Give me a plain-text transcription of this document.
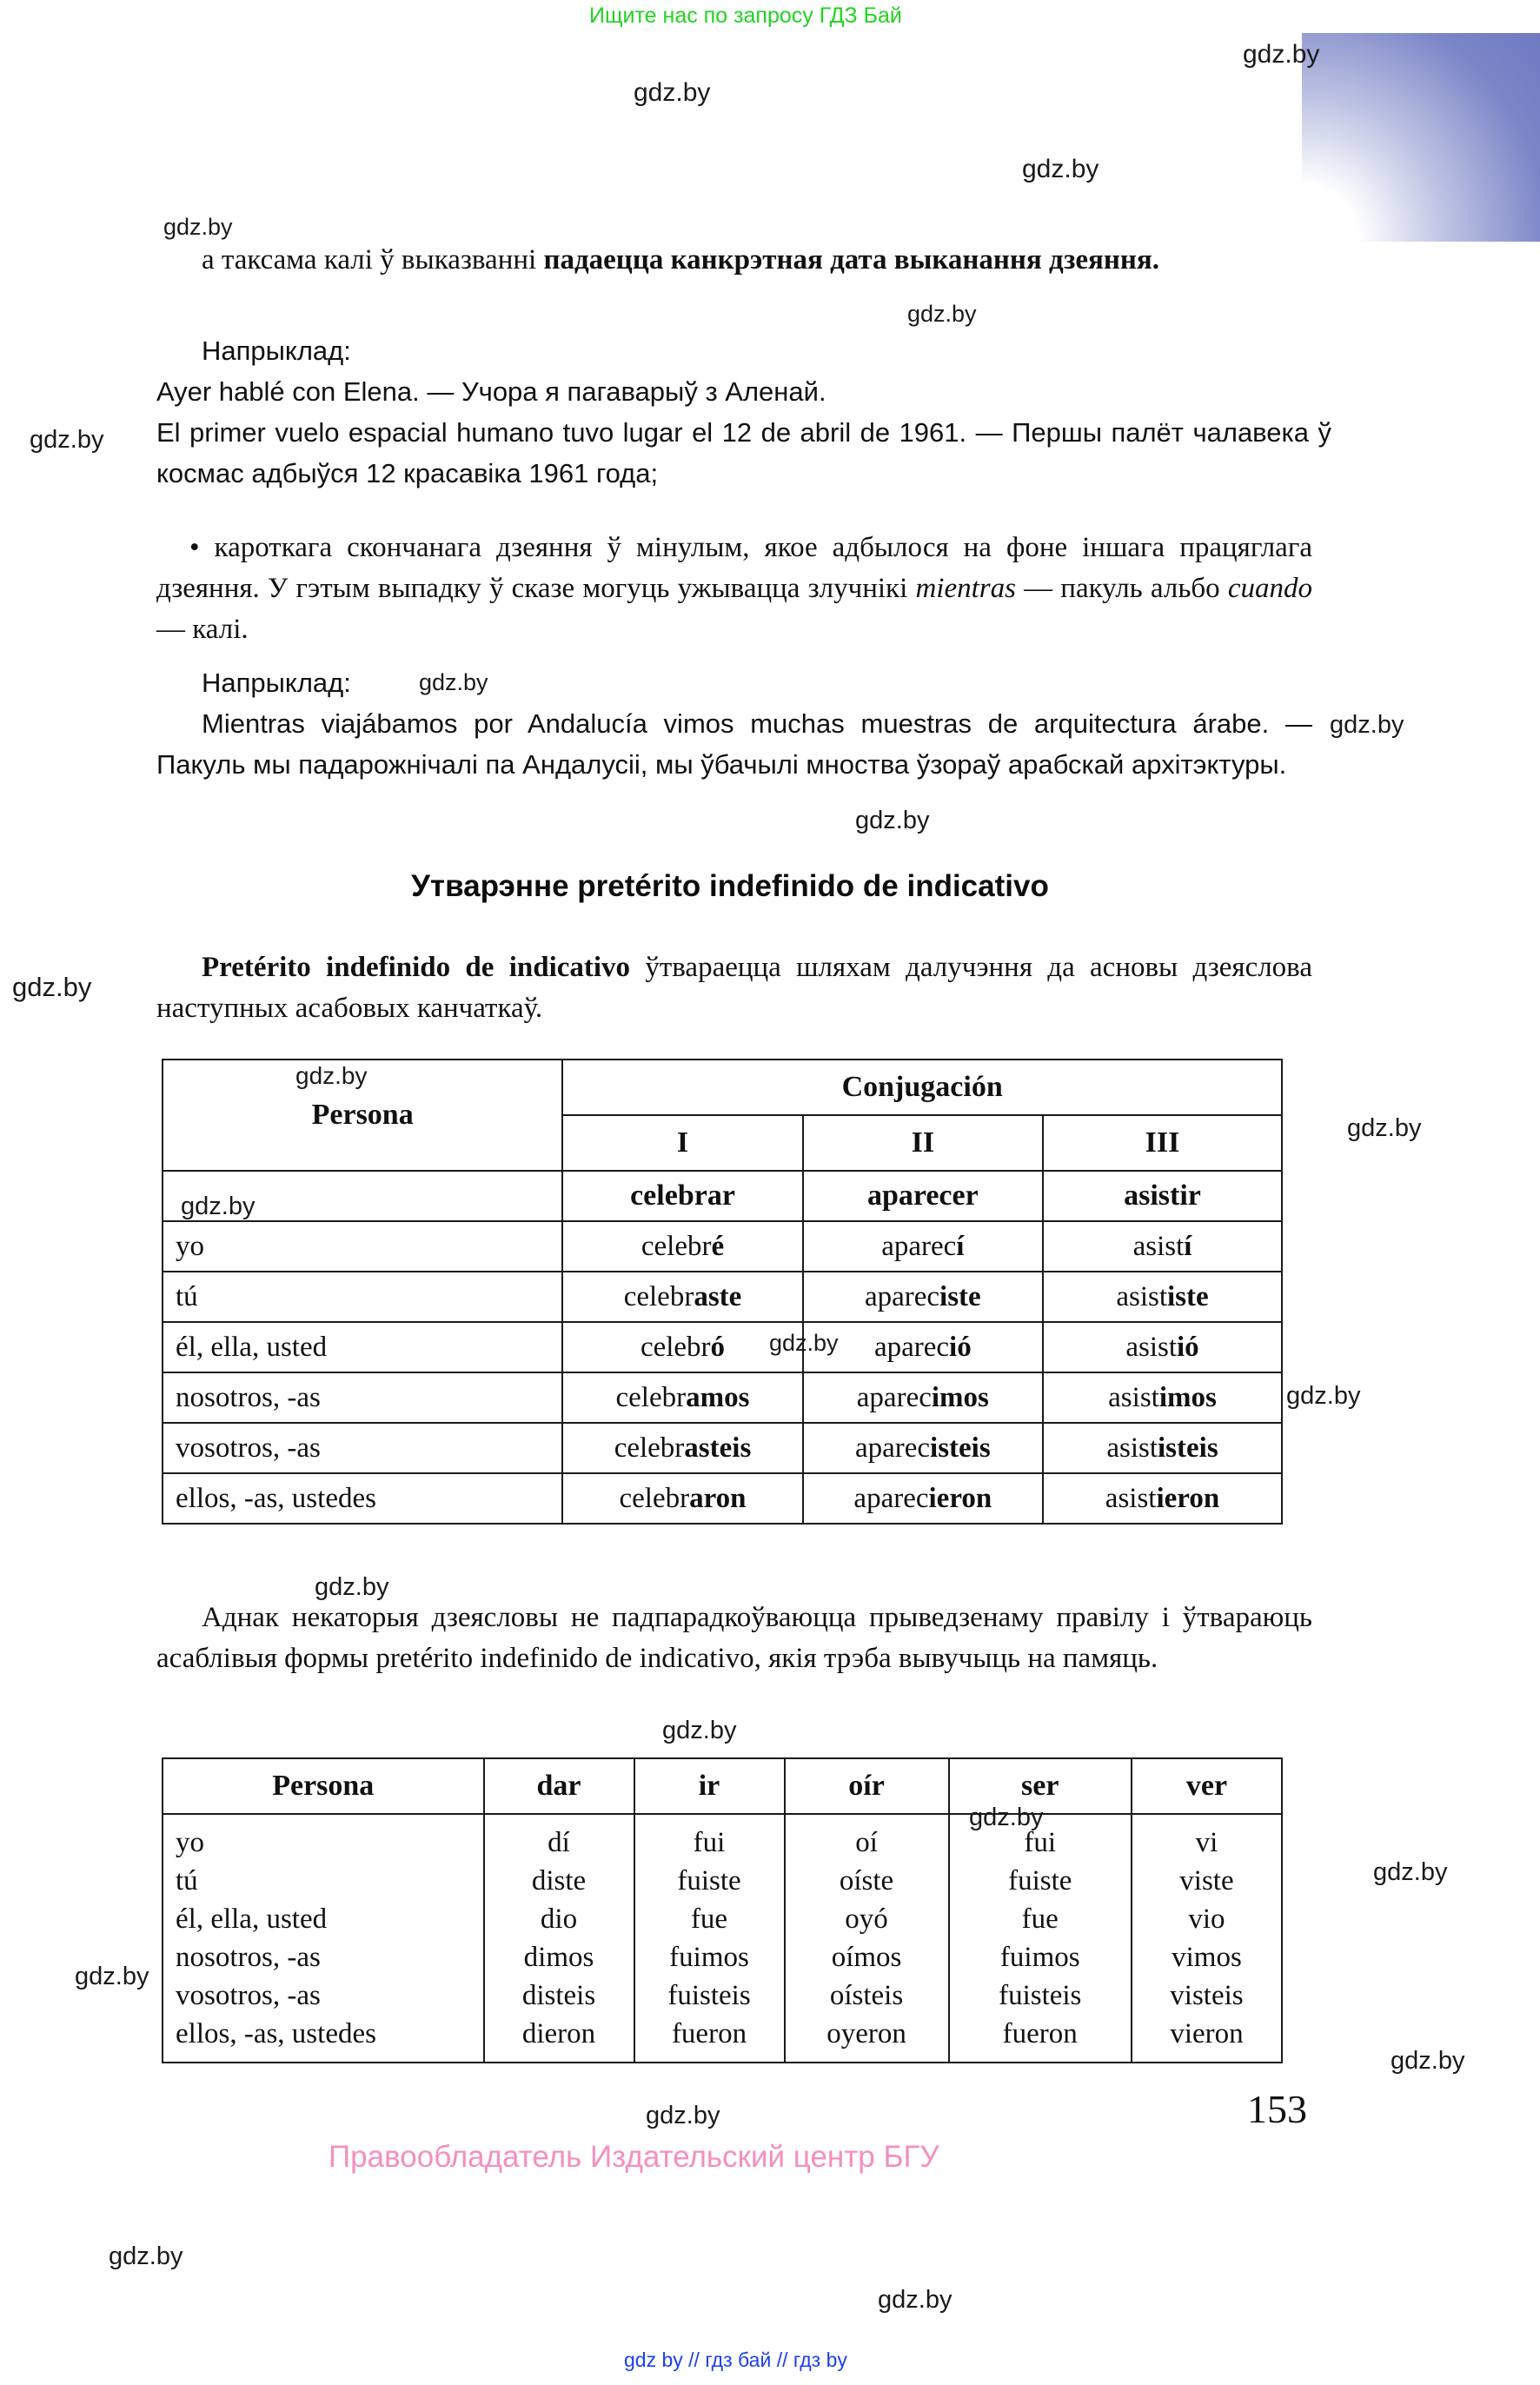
Ищите нас по запросу ГДЗ Бай
gdz.by
gdz.by
gdz.by
gdz.by
gdz.by
gdz.by
gdz.by
gdz.by
gdz.by
gdz.by
gdz.by
gdz.by
gdz.by
gdz.by
gdz.by
gdz.by
gdz.by
gdz.by
gdz.by
gdz.by
gdz.by
gdz.by
gdz.by
gdz.by

а таксама калі ў выказванні падаецца канкрэтная дата выканання дзеяння.

Напрыклад:

Ayer hablé con Elena. — Учора я пагаварыў з Аленай.

El primer vuelo espacial humano tuvo lugar el 12 de abril de 1961. — Першы палёт чалавека ў космас адбыўся 12 красавіка 1961 года;

• кароткага скончанага дзеяння ў мінулым, якое адбылося на фоне іншага працяглага дзеяння. У гэтым выпадку ў сказе могуць ужывацца злучнікі mientras — пакуль альбо cuando — калі.

Напрыклад:

Mientras viajábamos por Andalucía vimos muchas muestras de arquitectura árabe. — Пакуль мы падарожнічалі па Андалусіі, мы ўбачылі мноства ўзораў арабскай архітэктуры.

Утварэнне pretérito indefinido de indicativo

Pretérito indefinido de indicativo ўтвараецца шляхам далучэння да асновы дзеяслова наступных асабовых канчаткаў.

Persona	Conjugación		
	I	II	III
	celebrar	aparecer	asistir
yo	celebré	aparecí	asistí
tú	celebraste	apareciste	asististe
él, ella, usted	celebró	apareció	asistió
nosotros, -as	celebramos	aparecimos	asistimos
vosotros, -as	celebrasteis	aparecisteis	asististeis
ellos, -as, ustedes	celebraron	aparecieron	asistieron

Аднак некаторыя дзеясловы не падпарадкоўваюцца прыведзенаму правілу і ўтвараюць асаблівыя формы pretérito indefinido de indicativo, якія трэба вывучыць на памяць.

Persona	dar	ir	oír	ser	ver
yo	dí	fui	oí	fui	vi
tú	diste	fuiste	oíste	fuiste	viste
él, ella, usted	dio	fue	oyó	fue	vio
nosotros, -as	dimos	fuimos	oímos	fuimos	vimos
vosotros, -as	disteis	fuisteis	oísteis	fuisteis	visteis
ellos, -as, ustedes	dieron	fueron	oyeron	fueron	vieron
153
Правообладатель Издательский центр БГУ
gdz by // гдз бай // гдз by
